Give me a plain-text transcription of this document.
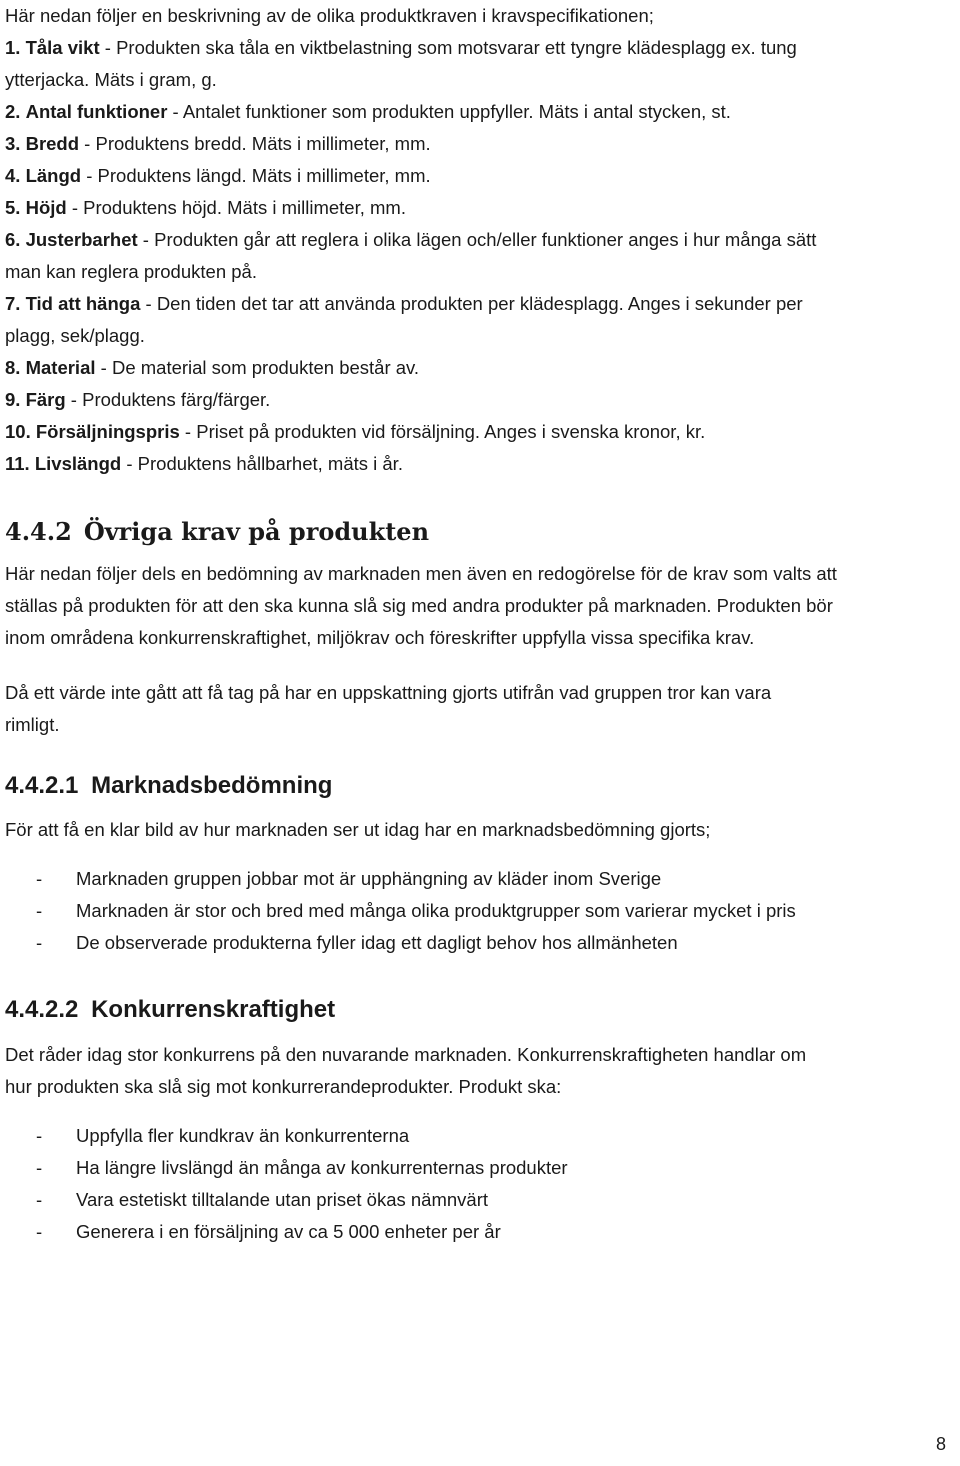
Här nedan följer en beskrivning av de olika produktkraven i kravspecifikationen;
1. Tåla vikt - Produkten ska tåla en viktbelastning som motsvarar ett tyngre klädesplagg ex. tung
ytterjacka. Mäts i gram, g.
2. Antal funktioner - Antalet funktioner som produkten uppfyller. Mäts i antal stycken, st.
3. Bredd - Produktens bredd. Mäts i millimeter, mm.
4. Längd - Produktens längd. Mäts i millimeter, mm.
5. Höjd - Produktens höjd. Mäts i millimeter, mm.
6. Justerbarhet - Produkten går att reglera i olika lägen och/eller funktioner anges i hur många sätt
man kan reglera produkten på.
7. Tid att hänga - Den tiden det tar att använda produkten per klädesplagg. Anges i sekunder per
plagg, sek/plagg.
8. Material - De material som produkten består av.
9. Färg - Produktens färg/färger.
10. Försäljningspris - Priset på produkten vid försäljning. Anges i svenska kronor, kr.
11. Livslängd - Produktens hållbarhet, mäts i år.
4.4.2 Övriga krav på produkten
Här nedan följer dels en bedömning av marknaden men även en redogörelse för de krav som valts att
ställas på produkten för att den ska kunna slå sig med andra produkter på marknaden. Produkten bör
inom områdena konkurrenskraftighet, miljökrav och föreskrifter uppfylla vissa specifika krav.
Då ett värde inte gått att få tag på har en uppskattning gjorts utifrån vad gruppen tror kan vara
rimligt.
4.4.2.1 Marknadsbedömning
För att få en klar bild av hur marknaden ser ut idag har en marknadsbedömning gjorts;
- Marknaden gruppen jobbar mot är upphängning av kläder inom Sverige
- Marknaden är stor och bred med många olika produktgrupper som varierar mycket i pris
- De observerade produkterna fyller idag ett dagligt behov hos allmänheten
4.4.2.2 Konkurrenskraftighet
Det råder idag stor konkurrens på den nuvarande marknaden. Konkurrenskraftigheten handlar om
hur produkten ska slå sig mot konkurrerandeprodukter. Produkt ska:
- Uppfylla fler kundkrav än konkurrenterna
- Ha längre livslängd än många av konkurrenternas produkter
- Vara estetiskt tilltalande utan priset ökas nämnvärt
- Generera i en försäljning av ca 5 000 enheter per år
8
